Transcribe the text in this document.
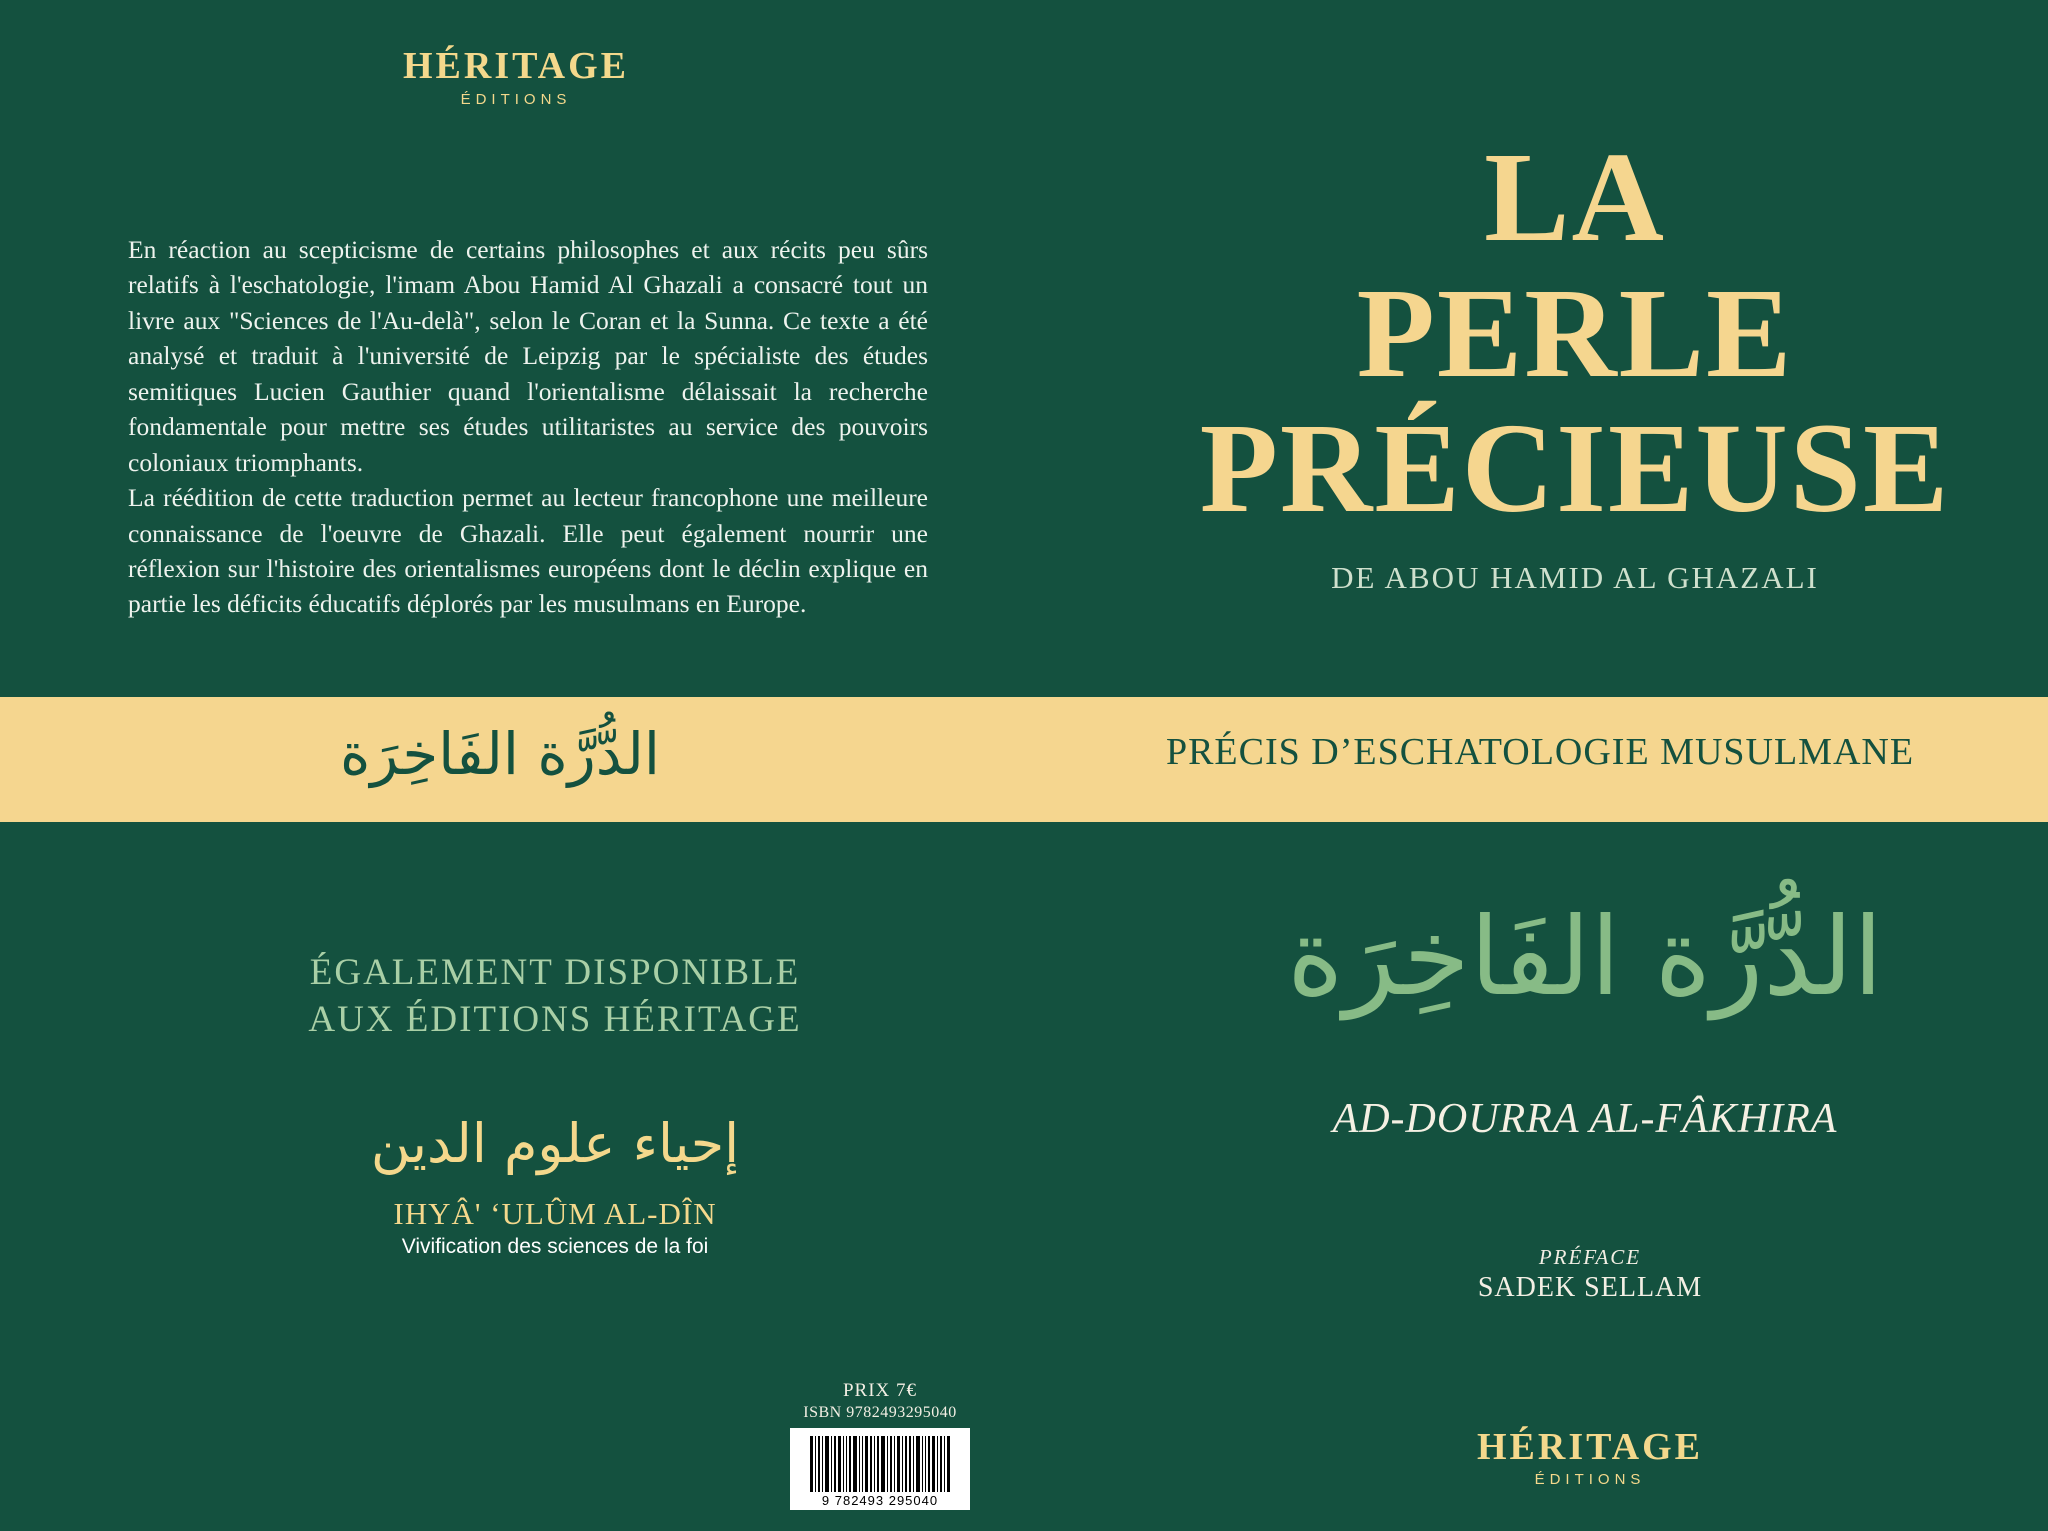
HÉRITAGE
ÉDITIONS

En réaction au scepticisme de certains philosophes et aux récits peu sûrs relatifs à l'eschatologie, l'imam Abou Hamid Al Ghazali a consacré tout un livre aux "Sciences de l'Au-delà", selon le Coran et la Sunna. Ce texte a été analysé et traduit à l'université de Leipzig par le spécialiste des études semitiques Lucien Gauthier quand l'orientalisme délaissait la recherche fondamentale pour mettre ses études utilitaristes au service des pouvoirs coloniaux triomphants.

La réédition de cette traduction permet au lecteur francophone une meilleure connaissance de l'oeuvre de Ghazali. Elle peut également nourrir une réflexion sur l'histoire des orientalismes européens dont le déclin explique en partie les déficits éducatifs déplorés par les musulmans en Europe.

الدُّرَّة الفَاخِرَة	PRÉCIS D’ESCHATOLOGIE MUSULMANE
ÉGALEMENT DISPONIBLE
AUX ÉDITIONS HÉRITAGE
إحياء علوم الدين
IHYÂ' ‘ULÛM AL-DÎN
Vivification des sciences de la foi
PRIX 7€
ISBN 9782493295040
9 782493 295040
LA
PERLE
PRÉCIEUSE
DE ABOU HAMID AL GHAZALI
الدُّرَّة الفَاخِرَة
AD-DOURRA AL-FÂKHIRA
PRÉFACE
SADEK SELLAM
HÉRITAGE
ÉDITIONS
